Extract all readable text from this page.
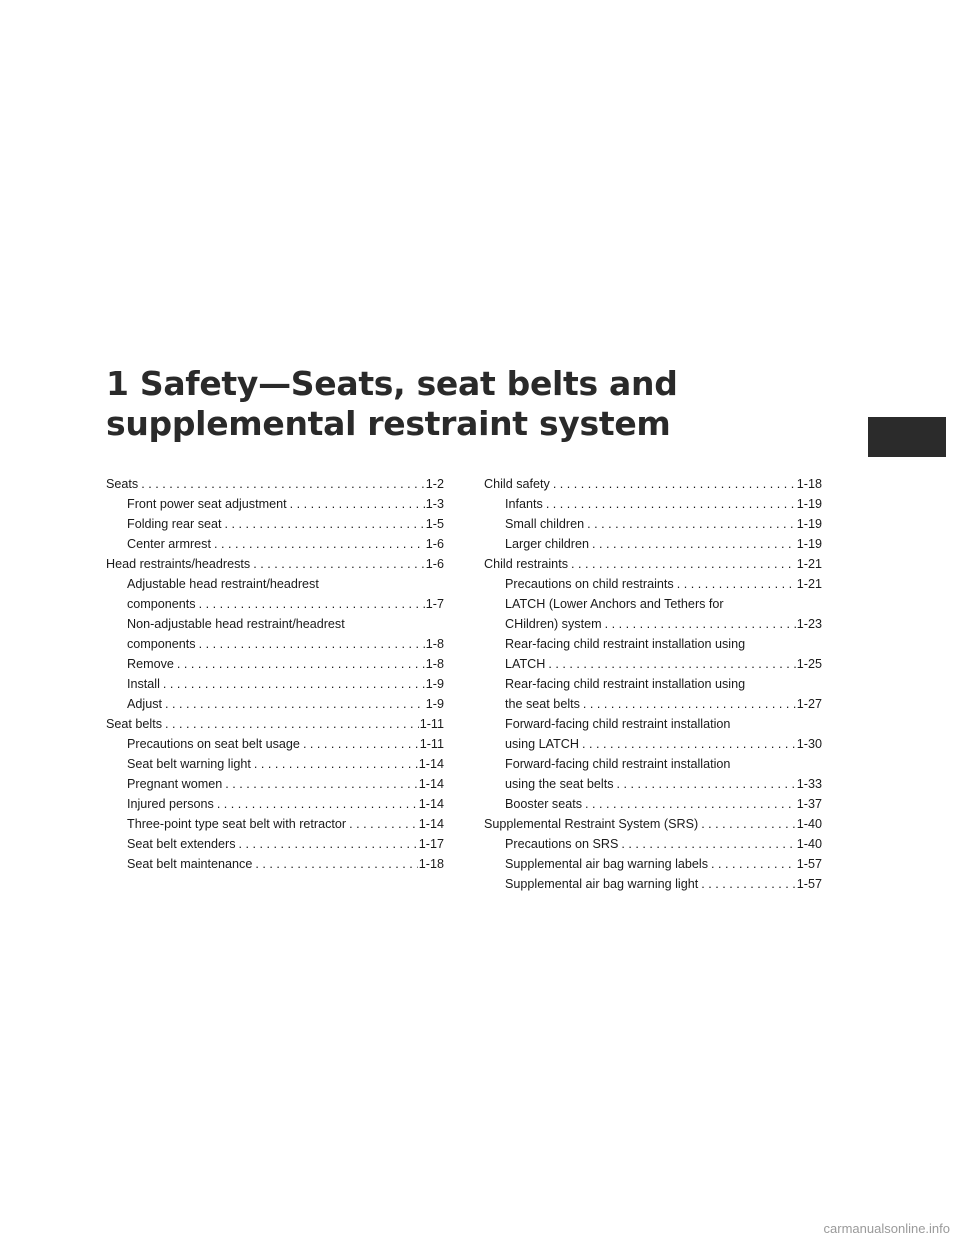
1 Safety—Seats, seat belts and
supplemental restraint system
Seats . . .	1-2
Front power seat adjustment . . .	1-3
Folding rear seat . . .	1-5
Center armrest . . .	1-6
Head restraints/headrests . . .	1-6
Adjustable head restraint/headrest
components . . .	1-7
Non-adjustable head restraint/headrest
components . . .	1-8
Remove . . .	1-8
Install . . .	1-9
Adjust . . .	1-9
Seat belts . . .	1-11
Precautions on seat belt usage . . .	1-11
Seat belt warning light . . .	1-14
Pregnant women . . .	1-14
Injured persons . . .	1-14
Three-point type seat belt with retractor . . .	1-14
Seat belt extenders . . .	1-17
Seat belt maintenance . . .	1-18
Child safety . . .	1-18
Infants . . .	1-19
Small children . . .	1-19
Larger children . . .	1-19
Child restraints . . .	1-21
Precautions on child restraints . . .	1-21
LATCH (Lower Anchors and Tethers for
CHildren) system . . .	1-23
Rear-facing child restraint installation using
LATCH . . .	1-25
Rear-facing child restraint installation using
the seat belts . . .	1-27
Forward-facing child restraint installation
using LATCH . . .	1-30
Forward-facing child restraint installation
using the seat belts . . .	1-33
Booster seats . . .	1-37
Supplemental Restraint System (SRS) . . .	1-40
Precautions on SRS . . .	1-40
Supplemental air bag warning labels . . .	1-57
Supplemental air bag warning light . . .	1-57
carmanualsonline.info
